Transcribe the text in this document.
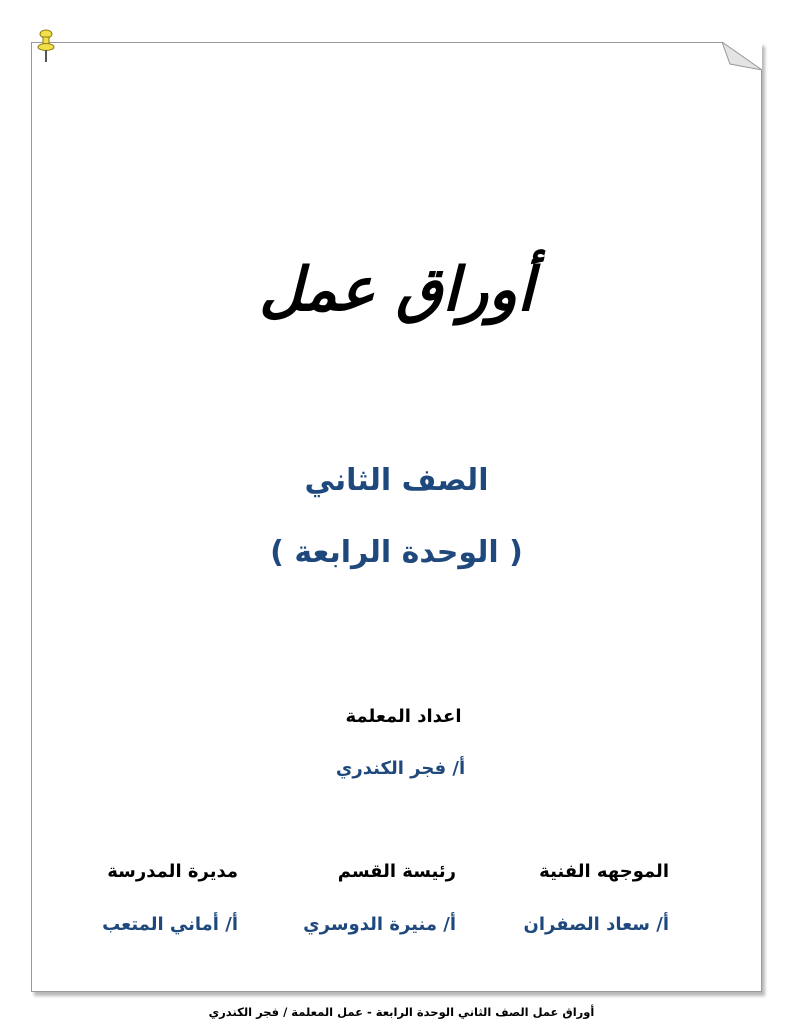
أوراق عمل
الصف الثاني
( الوحدة الرابعة )
اعداد المعلمة
أ/ فجر الكندري
الموجهه الفنية
رئيسة القسم
مديرة المدرسة
أ/ سعاد الصفران
أ/ منيرة الدوسري
أ/ أماني المتعب
أوراق عمل الصف الثاني الوحدة الرابعة - عمل المعلمة / فجر الكندري
